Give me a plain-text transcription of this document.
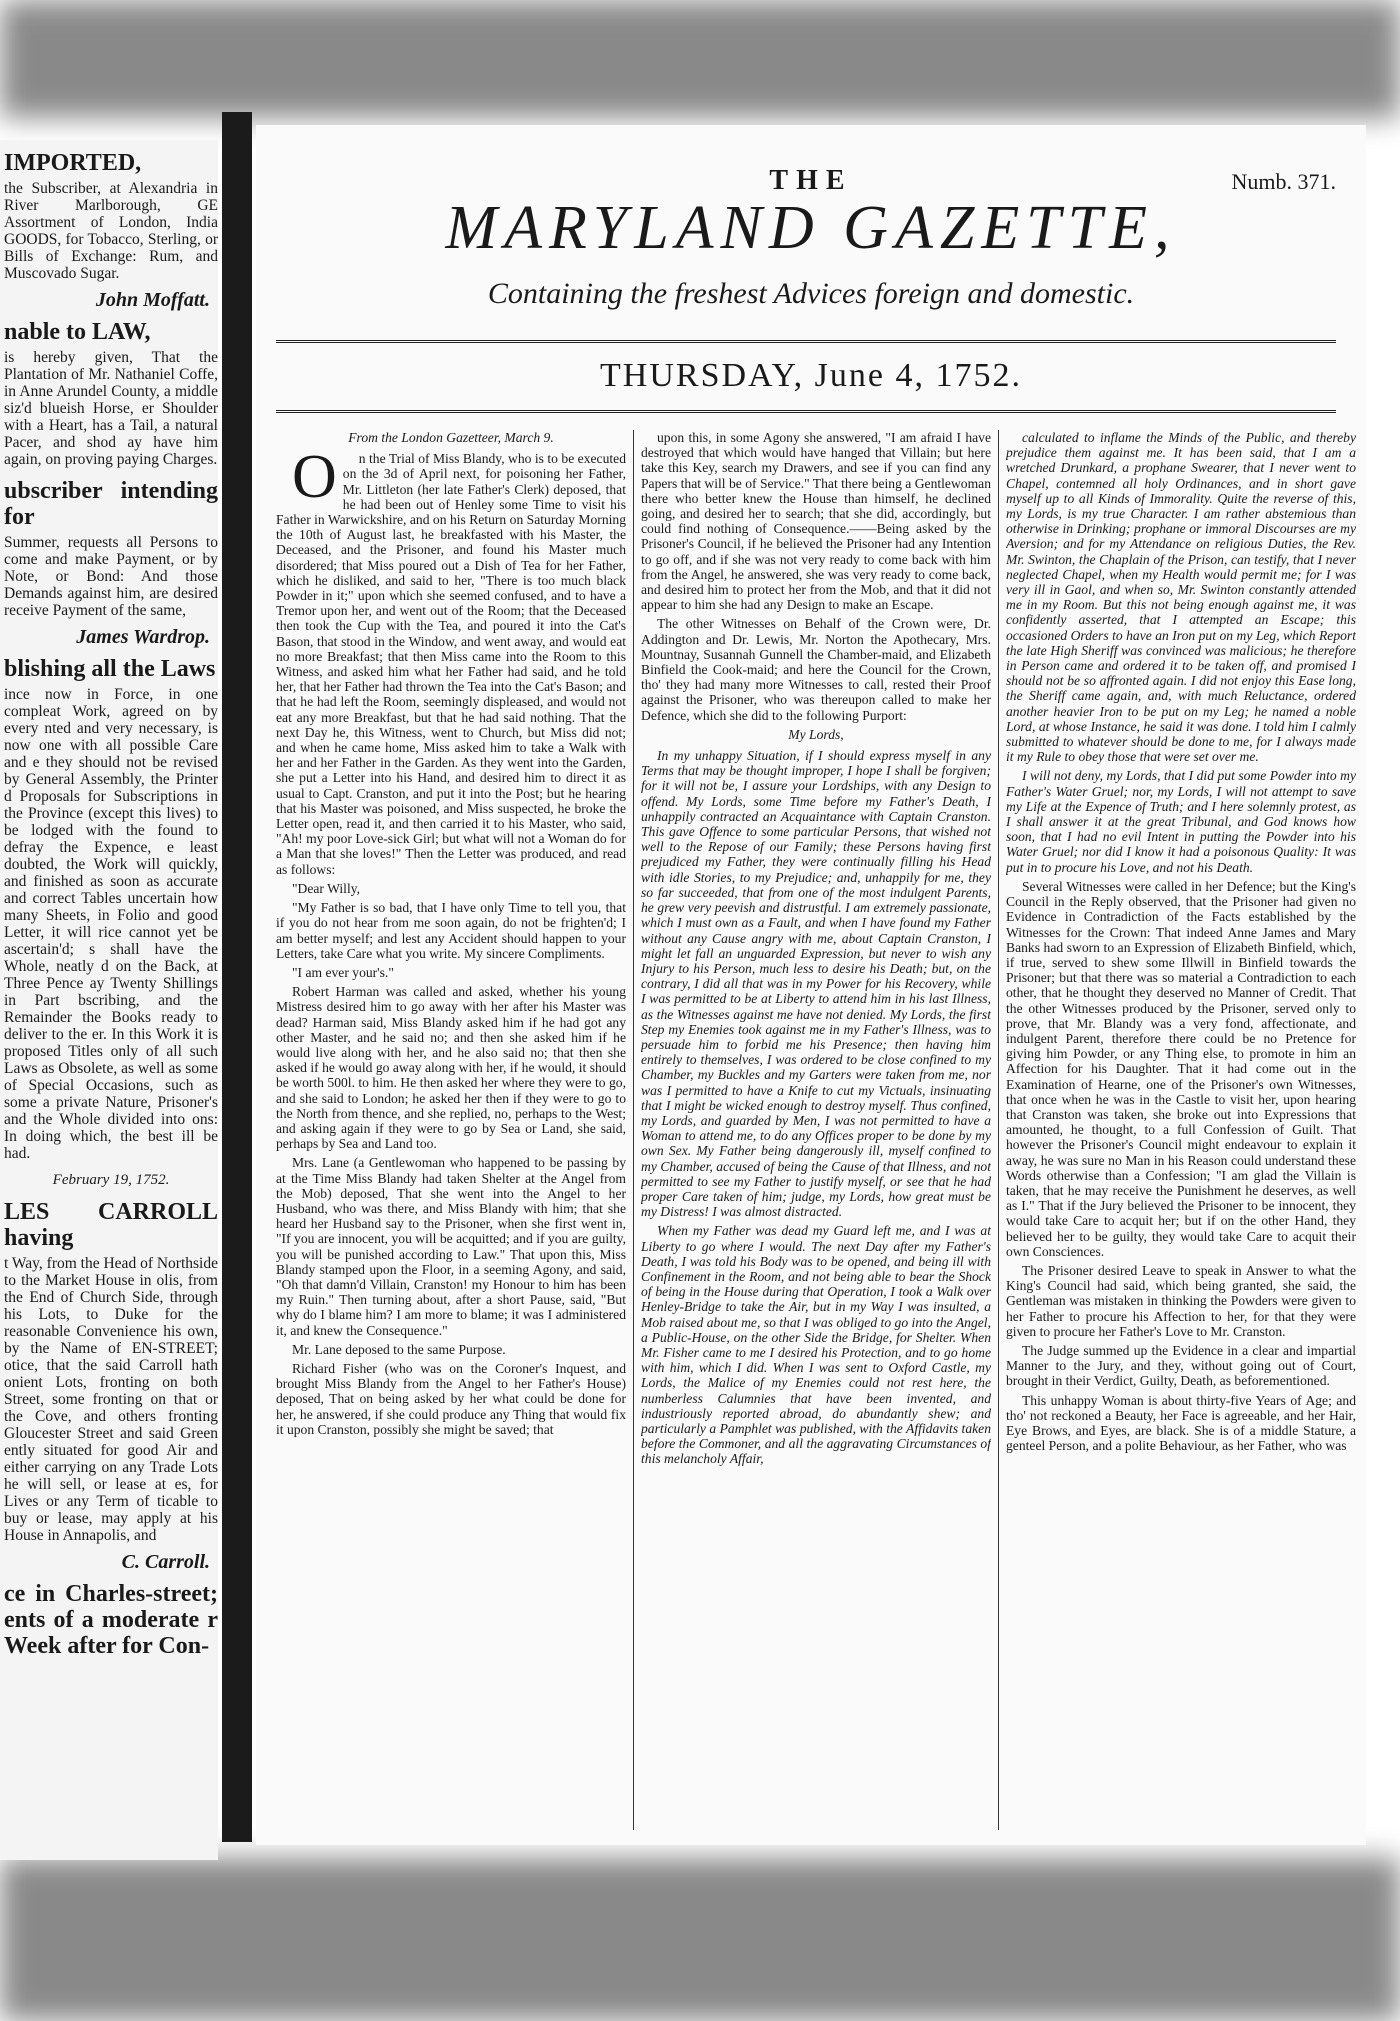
IMPORTED,

the Subscriber, at Alexandria in River Marlborough, GE Assortment of London, India GOODS, for Tobacco, Sterling, or Bills of Exchange: Rum, and Muscovado Sugar.

John Moffatt.

nable to LAW,

is hereby given, That the Plantation of Mr. Nathaniel Coffe, in Anne Arundel County, a middle siz'd blueish Horse, er Shoulder with a Heart, has a Tail, a natural Pacer, and shod ay have him again, on proving paying Charges.

ubscriber intending for

Summer, requests all Persons to come and make Payment, or by Note, or Bond: And those Demands against him, are desired receive Payment of the same,

James Wardrop.

blishing all the Laws

ince now in Force, in one compleat Work, agreed on by every nted and very necessary, is now one with all possible Care and e they should not be revised by General Assembly, the Printer d Proposals for Subscriptions in the Province (except this lives) to be lodged with the found to defray the Expence, e least doubted, the Work will quickly, and finished as soon as accurate and correct Tables uncertain how many Sheets, in Folio and good Letter, it will rice cannot yet be ascertain'd; s shall have the Whole, neatly d on the Back, at Three Pence ay Twenty Shillings in Part bscribing, and the Remainder the Books ready to deliver to the er. In this Work it is proposed Titles only of all such Laws as Obsolete, as well as some of Special Occasions, such as some a private Nature, Prisoner's and the Whole divided into ons: In doing which, the best ill be had.

February 19, 1752.

LES CARROLL having

t Way, from the Head of Northside to the Market House in olis, from the End of Church Side, through his Lots, to Duke for the reasonable Convenience his own, by the Name of EN-STREET; otice, that the said Carroll hath onient Lots, fronting on both Street, some fronting on that or the Cove, and others fronting Gloucester Street and said Green ently situated for good Air and either carrying on any Trade Lots he will sell, or lease at es, for Lives or any Term of ticable to buy or lease, may apply at his House in Annapolis, and

C. Carroll.

ce in Charles-street; ents of a moderate r Week after for Con-

THE	Numb. 371.
MARYLAND GAZETTE,
Containing the freshest Advices foreign and domestic.
THURSDAY, June 4, 1752.

From the London Gazetteer, March 9.

On the Trial of Miss Blandy, who is to be executed on the 3d of April next, for poisoning her Father, Mr. Littleton (her late Father's Clerk) deposed, that he had been out of Henley some Time to visit his Father in Warwickshire, and on his Return on Saturday Morning the 10th of August last, he breakfasted with his Master, the Deceased, and the Prisoner, and found his Master much disordered; that Miss poured out a Dish of Tea for her Father, which he disliked, and said to her, "There is too much black Powder in it;" upon which she seemed confused, and to have a Tremor upon her, and went out of the Room; that the Deceased then took the Cup with the Tea, and poured it into the Cat's Bason, that stood in the Window, and went away, and would eat no more Breakfast; that then Miss came into the Room to this Witness, and asked him what her Father had said, and he told her, that her Father had thrown the Tea into the Cat's Bason; and that he had left the Room, seemingly displeased, and would not eat any more Breakfast, but that he had said nothing. That the next Day he, this Witness, went to Church, but Miss did not; and when he came home, Miss asked him to take a Walk with her and her Father in the Garden. As they went into the Garden, she put a Letter into his Hand, and desired him to direct it as usual to Capt. Cranston, and put it into the Post; but he hearing that his Master was poisoned, and Miss suspected, he broke the Letter open, read it, and then carried it to his Master, who said, "Ah! my poor Love-sick Girl; but what will not a Woman do for a Man that she loves!" Then the Letter was produced, and read as follows:

"Dear Willy,

"My Father is so bad, that I have only Time to tell you, that if you do not hear from me soon again, do not be frighten'd; I am better myself; and lest any Accident should happen to your Letters, take Care what you write. My sincere Compliments.

"I am ever your's."

Robert Harman was called and asked, whether his young Mistress desired him to go away with her after his Master was dead? Harman said, Miss Blandy asked him if he had got any other Master, and he said no; and then she asked him if he would live along with her, and he also said no; that then she asked if he would go away along with her, if he would, it should be worth 500l. to him. He then asked her where they were to go, and she said to London; he asked her then if they were to go to the North from thence, and she replied, no, perhaps to the West; and asking again if they were to go by Sea or Land, she said, perhaps by Sea and Land too.

Mrs. Lane (a Gentlewoman who happened to be passing by at the Time Miss Blandy had taken Shelter at the Angel from the Mob) deposed, That she went into the Angel to her Husband, who was there, and Miss Blandy with him; that she heard her Husband say to the Prisoner, when she first went in, "If you are innocent, you will be acquitted; and if you are guilty, you will be punished according to Law." That upon this, Miss Blandy stamped upon the Floor, in a seeming Agony, and said, "Oh that damn'd Villain, Cranston! my Honour to him has been my Ruin." Then turning about, after a short Pause, said, "But why do I blame him? I am more to blame; it was I administered it, and knew the Consequence."

Mr. Lane deposed to the same Purpose.

Richard Fisher (who was on the Coroner's Inquest, and brought Miss Blandy from the Angel to her Father's House) deposed, That on being asked by her what could be done for her, he answered, if she could produce any Thing that would fix it upon Cranston, possibly she might be saved; that

upon this, in some Agony she answered, "I am afraid I have destroyed that which would have hanged that Villain; but here take this Key, search my Drawers, and see if you can find any Papers that will be of Service." That there being a Gentlewoman there who better knew the House than himself, he declined going, and desired her to search; that she did, accordingly, but could find nothing of Consequence.——Being asked by the Prisoner's Council, if he believed the Prisoner had any Intention to go off, and if she was not very ready to come back with him from the Angel, he answered, she was very ready to come back, and desired him to protect her from the Mob, and that it did not appear to him she had any Design to make an Escape.

The other Witnesses on Behalf of the Crown were, Dr. Addington and Dr. Lewis, Mr. Norton the Apothecary, Mrs. Mountnay, Susannah Gunnell the Chamber-maid, and Elizabeth Binfield the Cook-maid; and here the Council for the Crown, tho' they had many more Witnesses to call, rested their Proof against the Prisoner, who was thereupon called to make her Defence, which she did to the following Purport:

My Lords,

In my unhappy Situation, if I should express myself in any Terms that may be thought improper, I hope I shall be forgiven; for it will not be, I assure your Lordships, with any Design to offend. My Lords, some Time before my Father's Death, I unhappily contracted an Acquaintance with Captain Cranston. This gave Offence to some particular Persons, that wished not well to the Repose of our Family; these Persons having first prejudiced my Father, they were continually filling his Head with idle Stories, to my Prejudice; and, unhappily for me, they so far succeeded, that from one of the most indulgent Parents, he grew very peevish and distrustful. I am extremely passionate, which I must own as a Fault, and when I have found my Father without any Cause angry with me, about Captain Cranston, I might let fall an unguarded Expression, but never to wish any Injury to his Person, much less to desire his Death; but, on the contrary, I did all that was in my Power for his Recovery, while I was permitted to be at Liberty to attend him in his last Illness, as the Witnesses against me have not denied. My Lords, the first Step my Enemies took against me in my Father's Illness, was to persuade him to forbid me his Presence; then having him entirely to themselves, I was ordered to be close confined to my Chamber, my Buckles and my Garters were taken from me, nor was I permitted to have a Knife to cut my Victuals, insinuating that I might be wicked enough to destroy myself. Thus confined, my Lords, and guarded by Men, I was not permitted to have a Woman to attend me, to do any Offices proper to be done by my own Sex. My Father being dangerously ill, myself confined to my Chamber, accused of being the Cause of that Illness, and not permitted to see my Father to justify myself, or see that he had proper Care taken of him; judge, my Lords, how great must be my Distress! I was almost distracted.

When my Father was dead my Guard left me, and I was at Liberty to go where I would. The next Day after my Father's Death, I was told his Body was to be opened, and being ill with Confinement in the Room, and not being able to bear the Shock of being in the House during that Operation, I took a Walk over Henley-Bridge to take the Air, but in my Way I was insulted, a Mob raised about me, so that I was obliged to go into the Angel, a Public-House, on the other Side the Bridge, for Shelter. When Mr. Fisher came to me I desired his Protection, and to go home with him, which I did. When I was sent to Oxford Castle, my Lords, the Malice of my Enemies could not rest here, the numberless Calumnies that have been invented, and industriously reported abroad, do abundantly shew; and particularly a Pamphlet was published, with the Affidavits taken before the Commoner, and all the aggravating Circumstances of this melancholy Affair,

calculated to inflame the Minds of the Public, and thereby prejudice them against me. It has been said, that I am a wretched Drunkard, a prophane Swearer, that I never went to Chapel, contemned all holy Ordinances, and in short gave myself up to all Kinds of Immorality. Quite the reverse of this, my Lords, is my true Character. I am rather abstemious than otherwise in Drinking; prophane or immoral Discourses are my Aversion; and for my Attendance on religious Duties, the Rev. Mr. Swinton, the Chaplain of the Prison, can testify, that I never neglected Chapel, when my Health would permit me; for I was very ill in Gaol, and when so, Mr. Swinton constantly attended me in my Room. But this not being enough against me, it was confidently asserted, that I attempted an Escape; this occasioned Orders to have an Iron put on my Leg, which Report the late High Sheriff was convinced was malicious; he therefore in Person came and ordered it to be taken off, and promised I should not be so affronted again. I did not enjoy this Ease long, the Sheriff came again, and, with much Reluctance, ordered another heavier Iron to be put on my Leg; he named a noble Lord, at whose Instance, he said it was done. I told him I calmly submitted to whatever should be done to me, for I always made it my Rule to obey those that were set over me.

I will not deny, my Lords, that I did put some Powder into my Father's Water Gruel; nor, my Lords, I will not attempt to save my Life at the Expence of Truth; and I here solemnly protest, as I shall answer it at the great Tribunal, and God knows how soon, that I had no evil Intent in putting the Powder into his Water Gruel; nor did I know it had a poisonous Quality: It was put in to procure his Love, and not his Death.

Several Witnesses were called in her Defence; but the King's Council in the Reply observed, that the Prisoner had given no Evidence in Contradiction of the Facts established by the Witnesses for the Crown: That indeed Anne James and Mary Banks had sworn to an Expression of Elizabeth Binfield, which, if true, served to shew some Illwill in Binfield towards the Prisoner; but that there was so material a Contradiction to each other, that he thought they deserved no Manner of Credit. That the other Witnesses produced by the Prisoner, served only to prove, that Mr. Blandy was a very fond, affectionate, and indulgent Parent, therefore there could be no Pretence for giving him Powder, or any Thing else, to promote in him an Affection for his Daughter. That it had come out in the Examination of Hearne, one of the Prisoner's own Witnesses, that once when he was in the Castle to visit her, upon hearing that Cranston was taken, she broke out into Expressions that amounted, he thought, to a full Confession of Guilt. That however the Prisoner's Council might endeavour to explain it away, he was sure no Man in his Reason could understand these Words otherwise than a Confession; "I am glad the Villain is taken, that he may receive the Punishment he deserves, as well as I." That if the Jury believed the Prisoner to be innocent, they would take Care to acquit her; but if on the other Hand, they believed her to be guilty, they would take Care to acquit their own Consciences.

The Prisoner desired Leave to speak in Answer to what the King's Council had said, which being granted, she said, the Gentleman was mistaken in thinking the Powders were given to her Father to procure his Affection to her, for that they were given to procure her Father's Love to Mr. Cranston.

The Judge summed up the Evidence in a clear and impartial Manner to the Jury, and they, without going out of Court, brought in their Verdict, Guilty, Death, as beforementioned.

This unhappy Woman is about thirty-five Years of Age; and tho' not reckoned a Beauty, her Face is agreeable, and her Hair, Eye Brows, and Eyes, are black. She is of a middle Stature, a genteel Person, and a polite Behaviour, as her Father, who was
